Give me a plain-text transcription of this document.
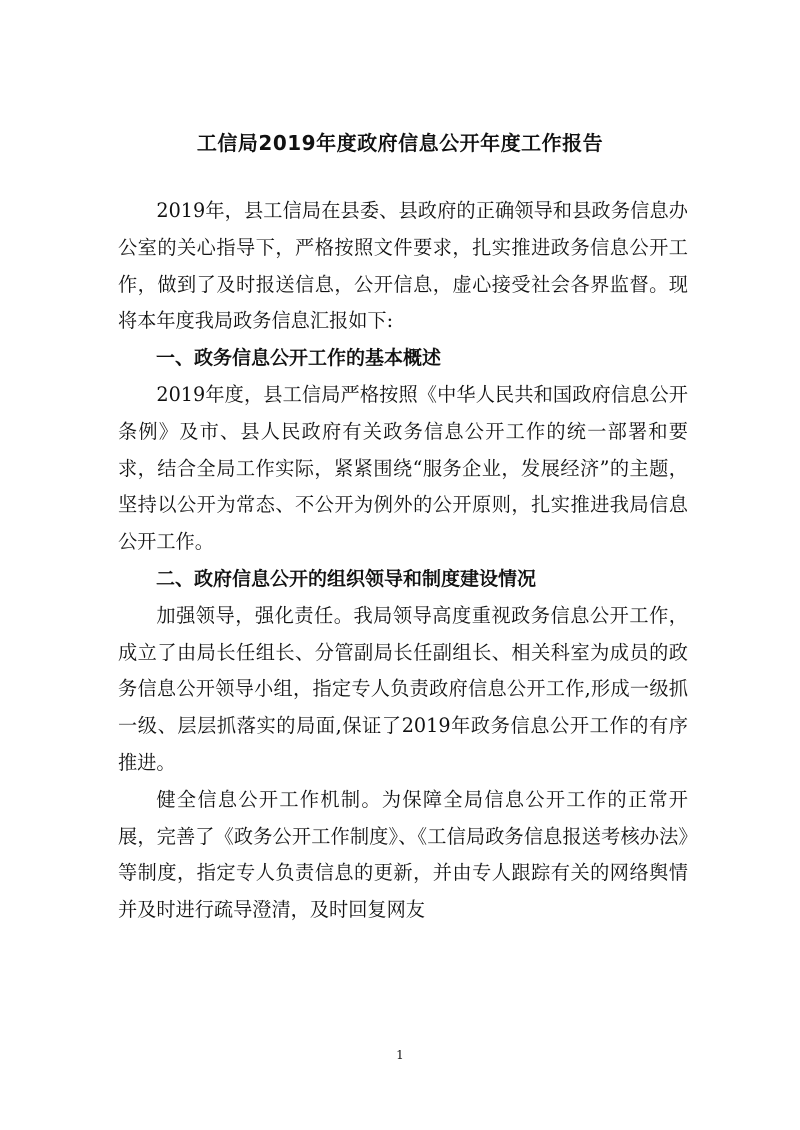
工信局2019年度政府信息公开年度工作报告

2019年，县工信局在县委、县政府的正确领导和县政务信息办公室的关心指导下，严格按照文件要求，扎实推进政务信息公开工作，做到了及时报送信息，公开信息，虚心接受社会各界监督。现将本年度我局政务信息汇报如下:

一、政务信息公开工作的基本概述

2019年度，县工信局严格按照《中华人民共和国政府信息公开条例》及市、县人民政府有关政务信息公开工作的统一部署和要求，结合全局工作实际，紧紧围绕“服务企业，发展经济”的主题，坚持以公开为常态、不公开为例外的公开原则，扎实推进我局信息公开工作。

二、政府信息公开的组织领导和制度建设情况

加强领导，强化责任。我局领导高度重视政务信息公开工作，成立了由局长任组长、分管副局长任副组长、相关科室为成员的政务信息公开领导小组，指定专人负责政府信息公开工作,形成一级抓一级、层层抓落实的局面,保证了2019年政务信息公开工作的有序推进。

健全信息公开工作机制。为保障全局信息公开工作的正常开展，完善了《政务公开工作制度》、《工信局政务信息报送考核办法》等制度，指定专人负责信息的更新，并由专人跟踪有关的网络舆情并及时进行疏导澄清，及时回复网友

1
